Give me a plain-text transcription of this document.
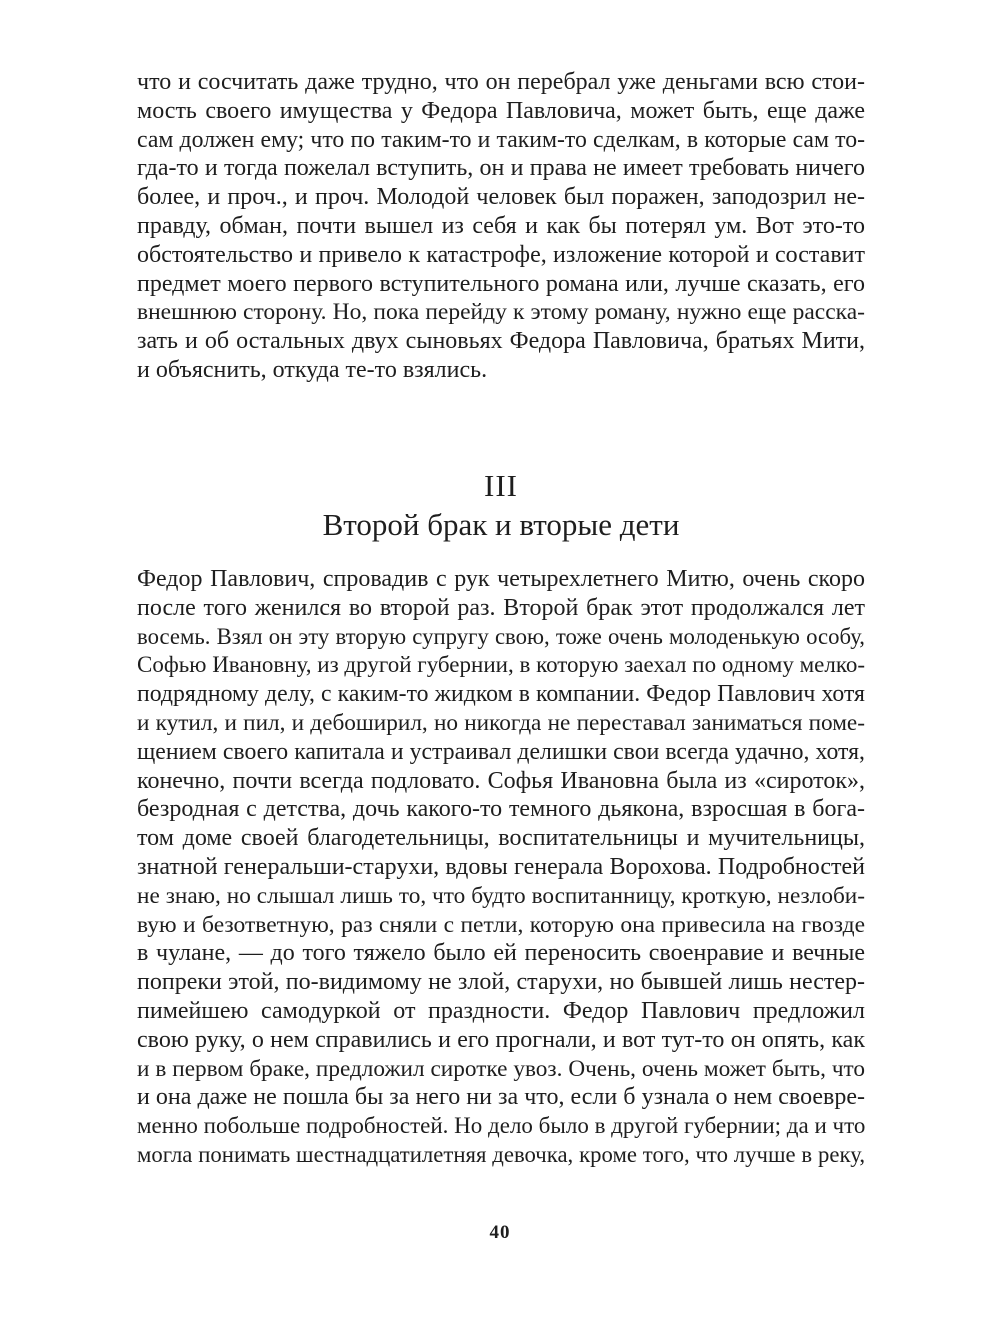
что и сосчитать даже трудно, что он перебрал уже деньгами всю стои-
мость своего имущества у Федора Павловича, может быть, еще даже
сам должен ему; что по таким-то и таким-то сделкам, в которые сам то-
гда-то и тогда пожелал вступить, он и права не имеет требовать ничего
более, и проч., и проч. Молодой человек был поражен, заподозрил не-
правду, обман, почти вышел из себя и как бы потерял ум. Вот это-то
обстоятельство и привело к катастрофе, изложение которой и составит
предмет моего первого вступительного романа или, лучше сказать, его
внешнюю сторону. Но, пока перейду к этому роману, нужно еще расска-
зать и об остальных двух сыновьях Федора Павловича, братьях Мити,
и объяснить, откуда те-то взялись.
III
Второй брак и вторые дети
Федор Павлович, спровадив с рук четырехлетнего Митю, очень скоро
после того женился во второй раз. Второй брак этот продолжался лет
восемь. Взял он эту вторую супругу свою, тоже очень молоденькую особу,
Софью Ивановну, из другой губернии, в которую заехал по одному мелко-
подрядному делу, с каким-то жидком в компании. Федор Павлович хотя
и кутил, и пил, и дебоширил, но никогда не переставал заниматься поме-
щением своего капитала и устраивал делишки свои всегда удачно, хотя,
конечно, почти всегда подловато. Софья Ивановна была из «сироток»,
безродная с детства, дочь какого-то темного дьякона, взросшая в бога-
том доме своей благодетельницы, воспитательницы и мучительницы,
знатной генеральши-старухи, вдовы генерала Ворохова. Подробностей
не знаю, но слышал лишь то, что будто воспитанницу, кроткую, незлоби-
вую и безответную, раз сняли с петли, которую она привесила на гвозде
в чулане, — до того тяжело было ей переносить своенравие и вечные
попреки этой, по-видимому не злой, старухи, но бывшей лишь нестер-
пимейшею самодуркой от праздности. Федор Павлович предложил
свою руку, о нем справились и его прогнали, и вот тут-то он опять, как
и в первом браке, предложил сиротке увоз. Очень, очень может быть, что
и она даже не пошла бы за него ни за что, если б узнала о нем своевре-
менно побольше подробностей. Но дело было в другой губернии; да и что
могла понимать шестнадцатилетняя девочка, кроме того, что лучше в реку,
40
